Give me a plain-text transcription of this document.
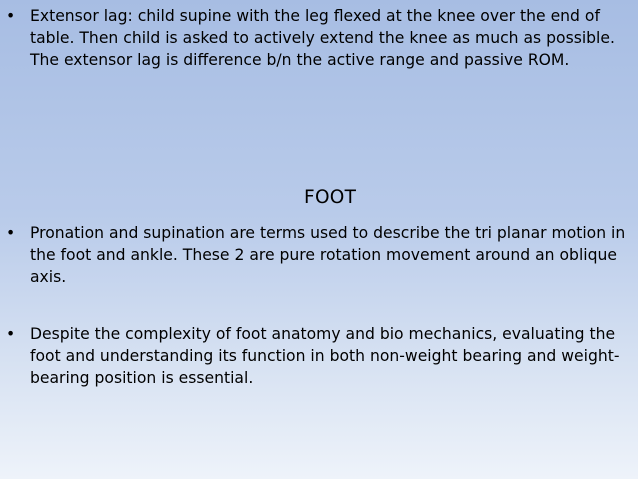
• Extensor lag: child supine with the leg flexed at the knee over the end of table. Then child is asked to actively extend the knee as much as possible. The extensor lag is difference b/n the active range and passive ROM.
FOOT
• Pronation and supination are terms used to describe the tri planar motion in the foot and ankle. These 2 are pure rotation movement around an oblique axis.
• Despite the complexity of foot anatomy and bio mechanics, evaluating the foot and understanding its function in both non-weight bearing and weight-bearing position is essential.
